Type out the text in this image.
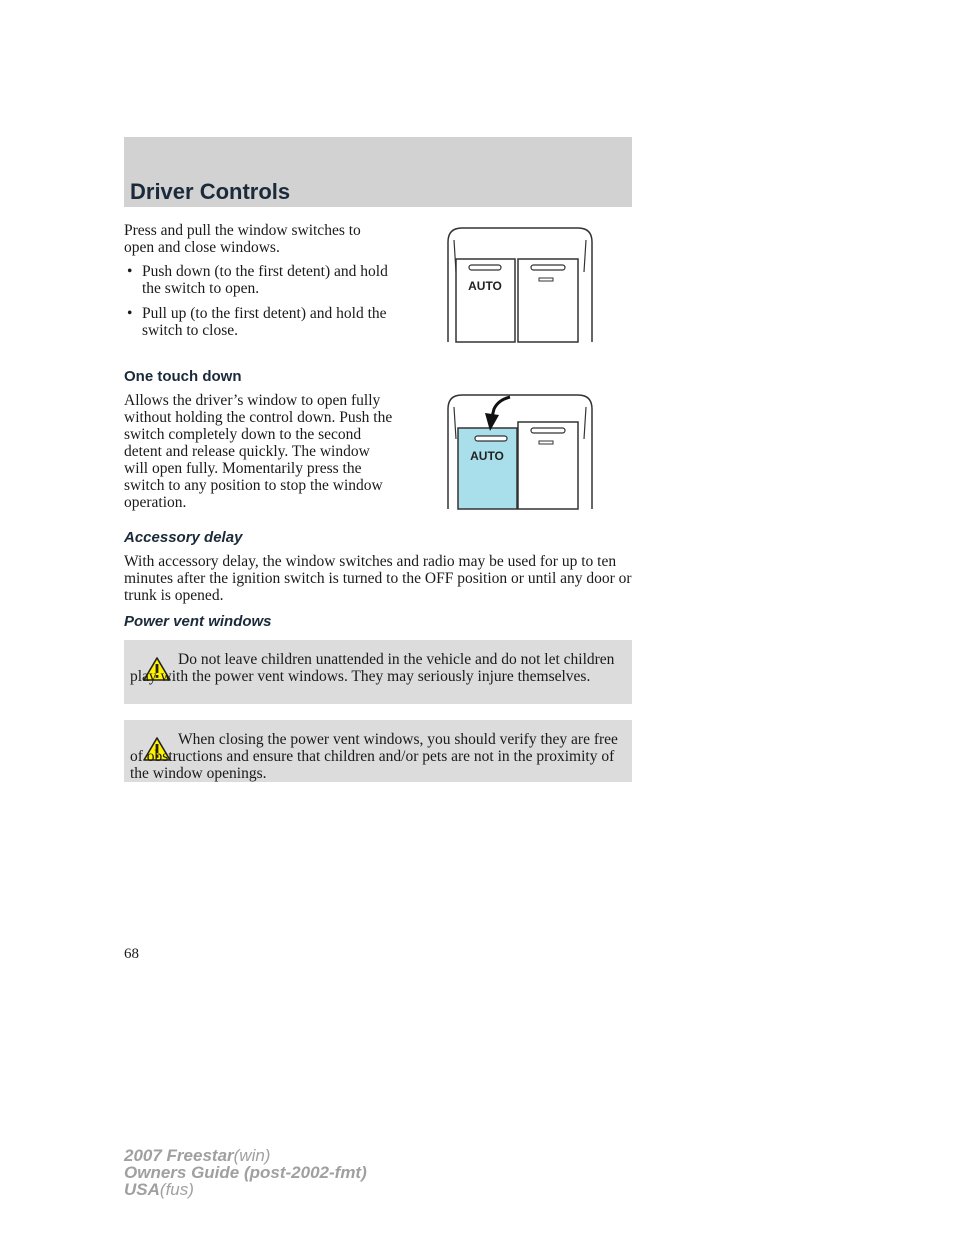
Driver Controls

Press and pull the window switches to open and close windows.

• Push down (to the first detent) and hold the switch to open.
• Pull up (to the first detent) and hold the switch to close.
AUTO
One touch down

Allows the driver’s window to open fully without holding the control down. Push the switch completely down to the second detent and release quickly. The window will open fully. Momentarily press the switch to any position to stop the window operation.

AUTO
Accessory delay

With accessory delay, the window switches and radio may be used for up to ten minutes after the ignition switch is turned to the OFF position or until any door or trunk is opened.

Power vent windows
Do not leave children unattended in the vehicle and do not let children play with the power vent windows. They may seriously injure themselves.
When closing the power vent windows, you should verify they are free of obstructions and ensure that children and/or pets are not in the proximity of the window openings.
68
2007 Freestar(win)
Owners Guide (post-2002-fmt)
USA(fus)
